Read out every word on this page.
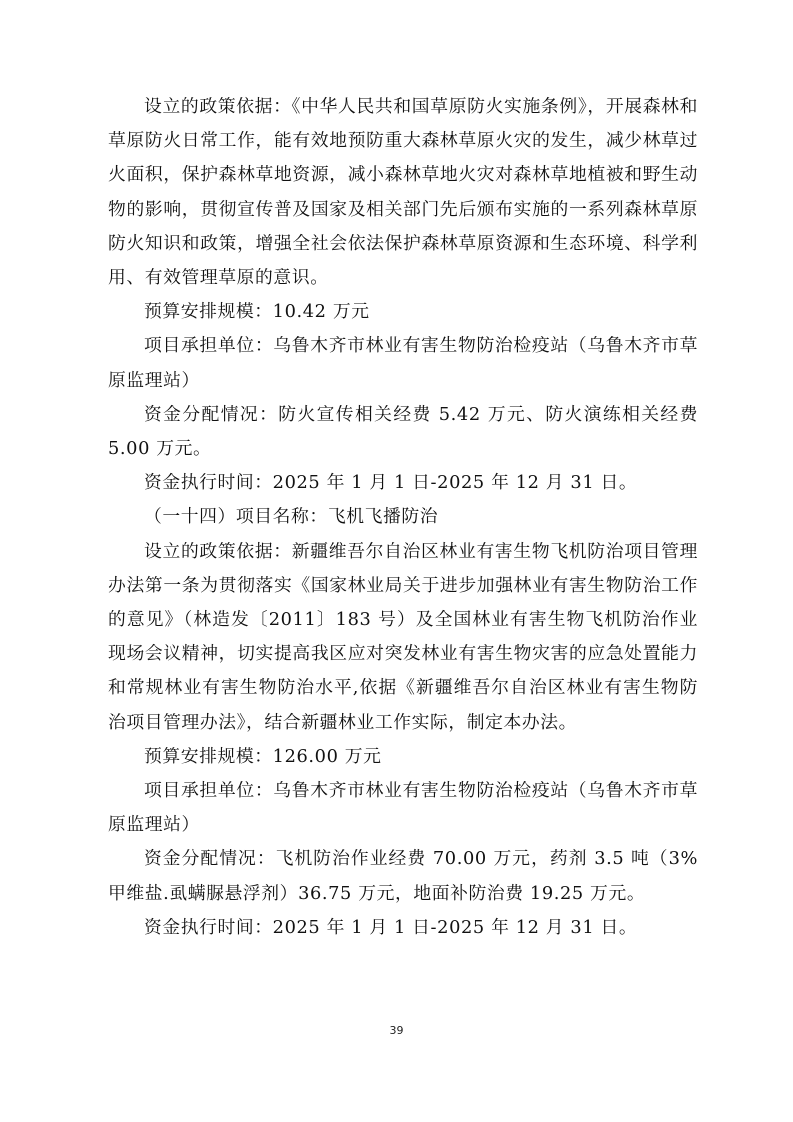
设立的政策依据：《中华人民共和国草原防火实施条例》，开展森林和草原防火日常工作，能有效地预防重大森林草原火灾的发生，减少林草过火面积，保护森林草地资源，减小森林草地火灾对森林草地植被和野生动物的影响，贯彻宣传普及国家及相关部门先后颁布实施的一系列森林草原防火知识和政策，增强全社会依法保护森林草原资源和生态环境、科学利用、有效管理草原的意识。

预算安排规模：10.42 万元

项目承担单位：乌鲁木齐市林业有害生物防治检疫站（乌鲁木齐市草原监理站）

资金分配情况：防火宣传相关经费 5.42 万元、防火演练相关经费 5.00 万元。

资金执行时间：2025 年 1 月 1 日-2025 年 12 月 31 日。

（一十四）项目名称：飞机飞播防治

设立的政策依据：新疆维吾尔自治区林业有害生物飞机防治项目管理办法第一条为贯彻落实《国家林业局关于进步加强林业有害生物防治工作的意见》（林造发〔2011〕183 号）及全国林业有害生物飞机防治作业现场会议精神，切实提高我区应对突发林业有害生物灾害的应急处置能力和常规林业有害生物防治水平,依据《新疆维吾尔自治区林业有害生物防治项目管理办法》，结合新疆林业工作实际，制定本办法。

预算安排规模：126.00 万元

项目承担单位：乌鲁木齐市林业有害生物防治检疫站（乌鲁木齐市草原监理站）

资金分配情况：飞机防治作业经费 70.00 万元，药剂 3.5 吨（3%甲维盐.虱螨脲悬浮剂）36.75 万元，地面补防治费 19.25 万元。

资金执行时间：2025 年 1 月 1 日-2025 年 12 月 31 日。

39
